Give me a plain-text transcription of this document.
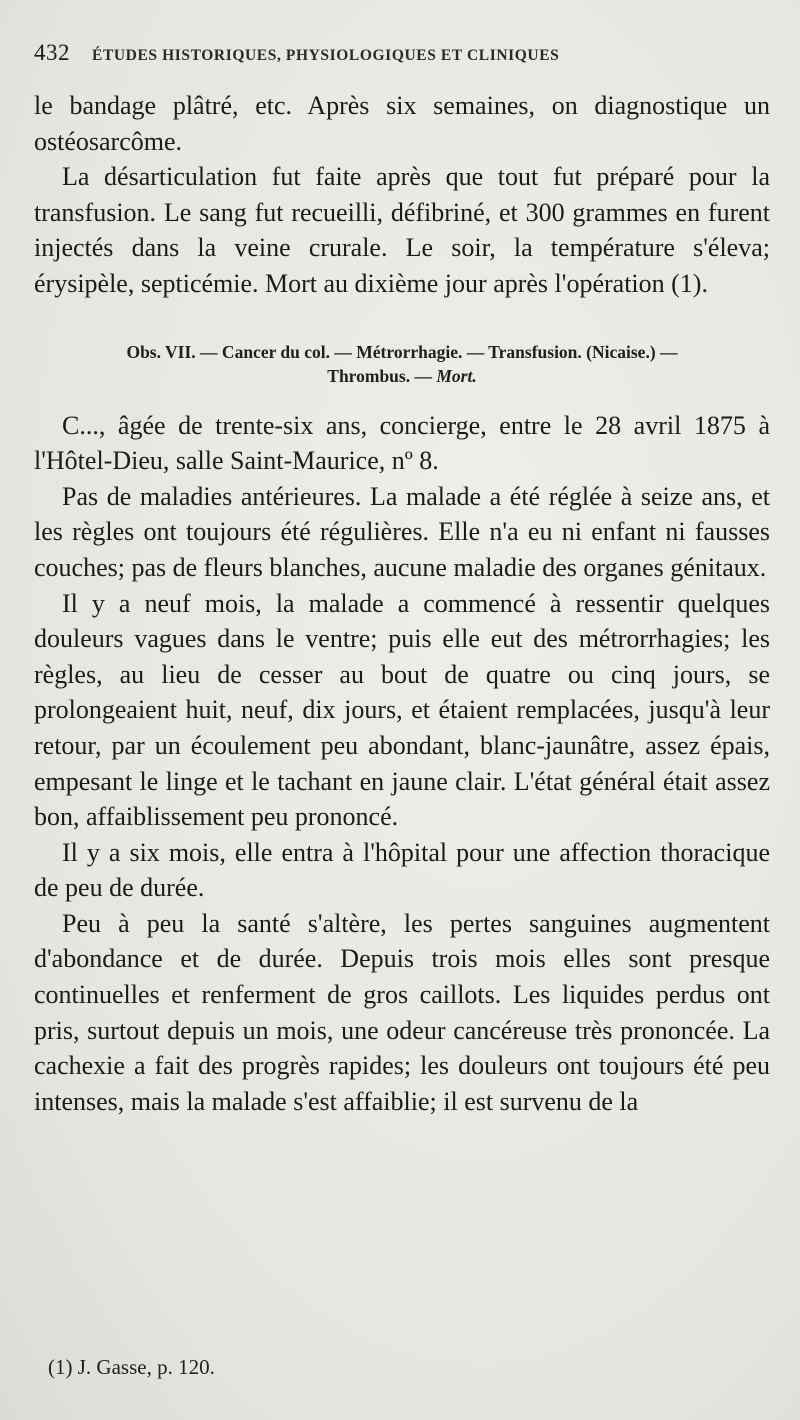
432 ÉTUDES HISTORIQUES, PHYSIOLOGIQUES ET CLINIQUES

le bandage plâtré, etc. Après six semaines, on diagnostique un ostéosarcôme.

La désarticulation fut faite après que tout fut préparé pour la transfusion. Le sang fut recueilli, défibriné, et 300 grammes en furent injectés dans la veine crurale. Le soir, la température s'éleva; érysipèle, septicémie. Mort au dixième jour après l'opération (1).

Obs. VII. — Cancer du col. — Métrorrhagie. — Transfusion. (Nicaise.) —
Thrombus. — Mort.

C..., âgée de trente-six ans, concierge, entre le 28 avril 1875 à l'Hôtel-Dieu, salle Saint-Maurice, nº 8.

Pas de maladies antérieures. La malade a été réglée à seize ans, et les règles ont toujours été régulières. Elle n'a eu ni enfant ni fausses couches; pas de fleurs blanches, aucune maladie des organes génitaux.

Il y a neuf mois, la malade a commencé à ressentir quelques douleurs vagues dans le ventre; puis elle eut des métrorrhagies; les règles, au lieu de cesser au bout de quatre ou cinq jours, se prolongeaient huit, neuf, dix jours, et étaient remplacées, jusqu'à leur retour, par un écoulement peu abondant, blanc-jaunâtre, assez épais, empesant le linge et le tachant en jaune clair. L'état général était assez bon, affaiblissement peu prononcé.

Il y a six mois, elle entra à l'hôpital pour une affection thoracique de peu de durée.

Peu à peu la santé s'altère, les pertes sanguines augmentent d'abondance et de durée. Depuis trois mois elles sont presque continuelles et renferment de gros caillots. Les liquides perdus ont pris, surtout depuis un mois, une odeur cancéreuse très prononcée. La cachexie a fait des progrès rapides; les douleurs ont toujours été peu intenses, mais la malade s'est affaiblie; il est survenu de la

(1) J. Gasse, p. 120.
